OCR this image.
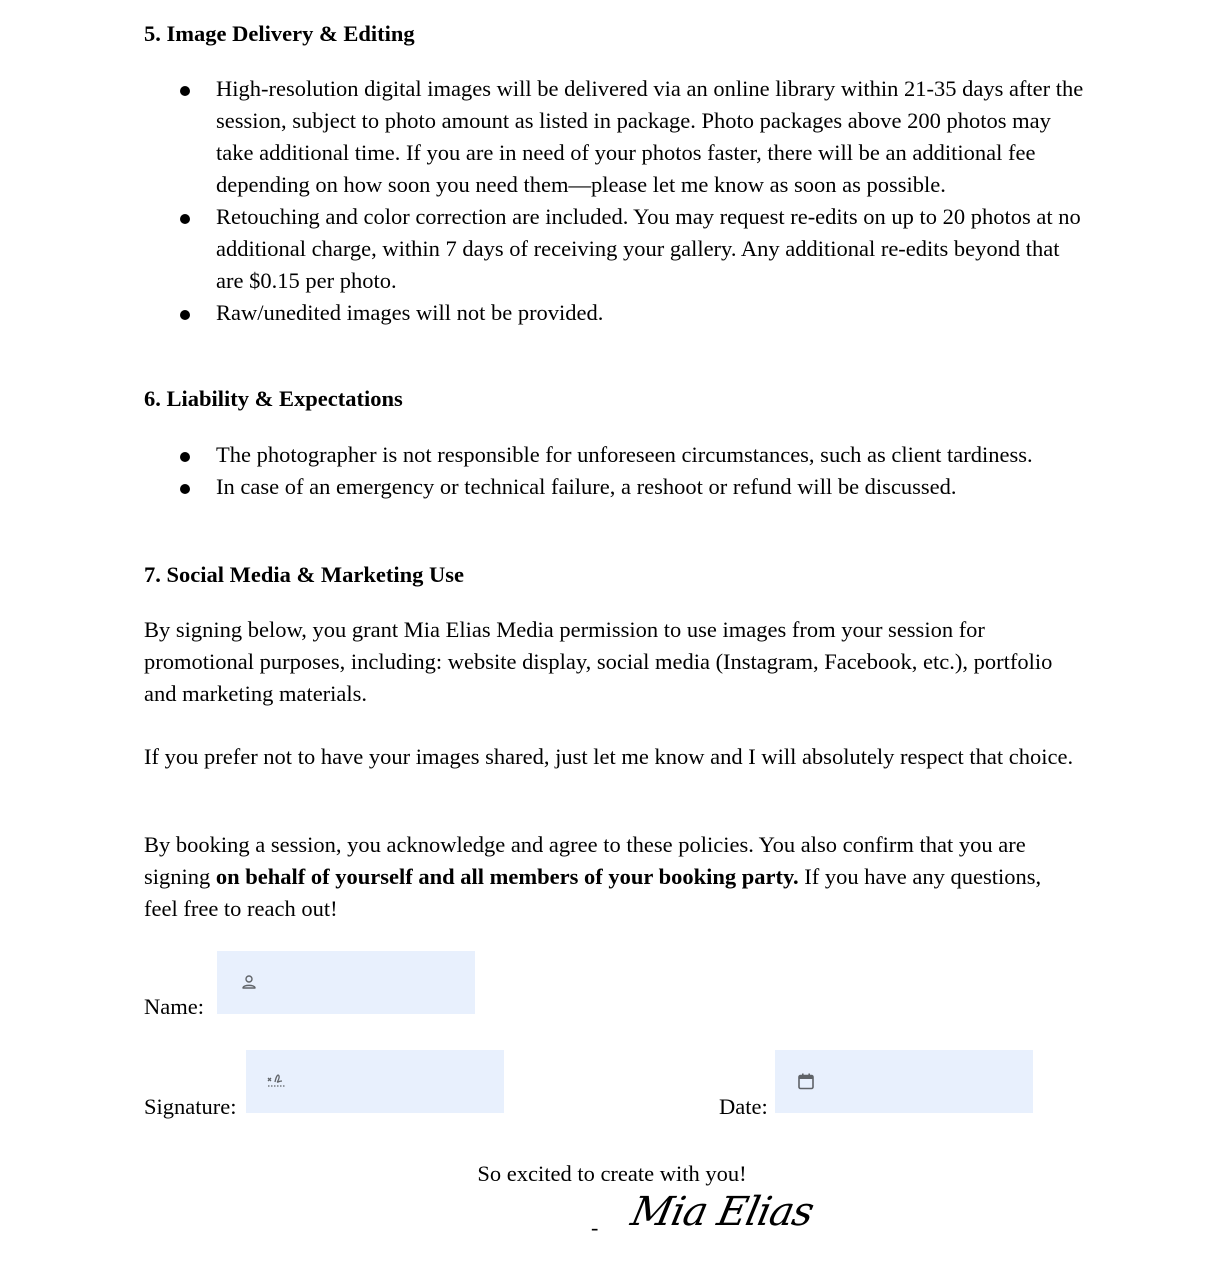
5. Image Delivery & Editing
High-resolution digital images will be delivered via an online library within 21-35 days after the session, subject to photo amount as listed in package. Photo packages above 200 photos may take additional time. If you are in need of your photos faster, there will be an additional fee depending on how soon you need them—please let me know as soon as possible.
Retouching and color correction are included. You may request re-edits on up to 20 photos at no additional charge, within 7 days of receiving your gallery. Any additional re-edits beyond that are $0.15 per photo.
Raw/unedited images will not be provided.
6. Liability & Expectations
The photographer is not responsible for unforeseen circumstances, such as client tardiness.
In case of an emergency or technical failure, a reshoot or refund will be discussed.
7. Social Media & Marketing Use

By signing below, you grant Mia Elias Media permission to use images from your session for promotional purposes, including: website display, social media (Instagram, Facebook, etc.), portfolio and marketing materials.

If you prefer not to have your images shared, just let me know and I will absolutely respect that choice.

By booking a session, you acknowledge and agree to these policies. You also confirm that you are signing on behalf of yourself and all members of your booking party. If you have any questions, feel free to reach out!

Name:
Signature:	Date:
So excited to create with you!
- Mia Elias
